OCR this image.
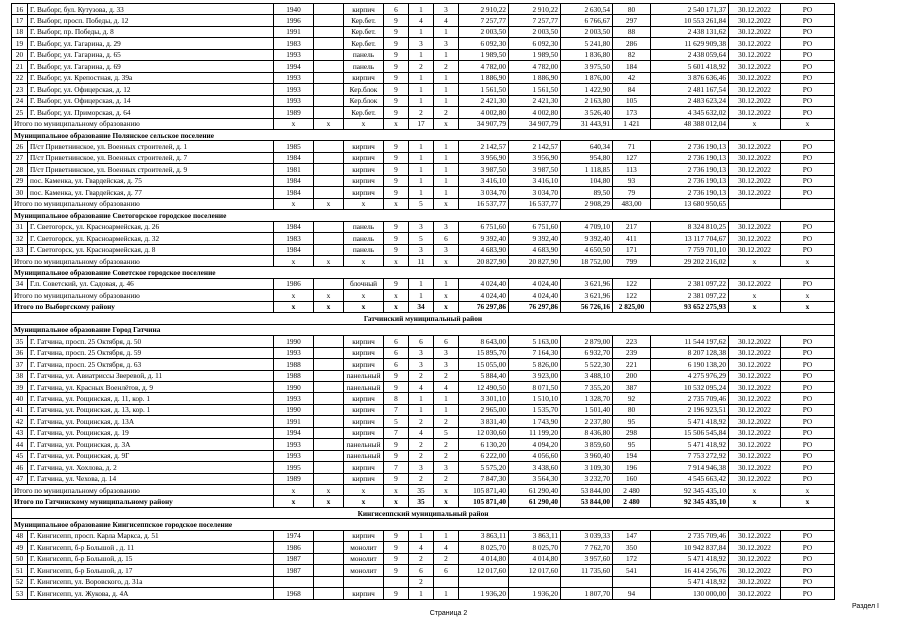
16	Г. Выборг, бул. Кутузова, д. 33	1940		кирпич	6	1	3	2 910,22	2 910,22	2 630,54	80	2 540 171,37	30.12.2022	РО
17	Г. Выборг, просп. Победы, д. 12	1996		Кер.бет.	9	4	4	7 257,77	7 257,77	6 766,67	297	10 553 261,84	30.12.2022	РО
18	Г. Выборг, пр. Победы, д. 8	1991		Кер.бет.	9	1	1	2 003,50	2 003,50	2 003,50	88	2 438 131,62	30.12.2022	РО
19	Г. Выборг, ул. Гагарина, д. 29	1983		Кер.бет.	9	3	3	6 092,30	6 092,30	5 241,80	286	11 629 909,38	30.12.2022	РО
20	Г. Выборг, ул. Гагарина, д. 65	1993		панель	9	1	1	1 989,50	1 989,50	1 836,80	82	2 438 059,64	30.12.2022	РО
21	Г. Выборг, ул. Гагарина, д. 69	1994		панель	9	2	2	4 782,00	4 782,00	3 975,50	184	5 601 418,92	30.12.2022	РО
22	Г. Выборг, ул. Крепостная, д. 39а	1993		кирпич	9	1	1	1 886,90	1 886,90	1 876,00	42	3 876 636,46	30.12.2022	РО
23	Г. Выборг, ул. Офицерская, д. 12	1993		Кер.блок	9	1	1	1 561,50	1 561,50	1 422,90	84	2 481 167,54	30.12.2022	РО
24	Г. Выборг, ул. Офицерская, д. 14	1993		Кер.блок	9	1	1	2 421,30	2 421,30	2 163,80	105	2 483 623,24	30.12.2022	РО
25	Г. Выборг, ул. Приморская, д. 64	1989		Кер.бет.	9	2	2	4 002,80	4 002,80	3 526,40	173	4 345 632,02	30.12.2022	РО
Итого по муниципальному образованию		x	x	x	x	17	x	34 907,79	34 907,79	31 443,91	1 421	48 388 012,04	x	x
Муниципальное образование Полянское сельское поселение														
26	П/ст Приветнинское, ул. Военных строителей, д. 1	1985		кирпич	9	1	1	2 142,57	2 142,57	640,34	71	2 736 190,13	30.12.2022	РО
27	П/ст Приветнинское, ул. Военных строителей, д. 7	1984		кирпич	9	1	1	3 956,90	3 956,90	954,80	127	2 736 190,13	30.12.2022	РО
28	П/ст Приветнинское, ул. Военных строителей, д. 9	1981		кирпич	9	1	1	3 987,50	3 987,50	1 118,85	113	2 736 190,13	30.12.2022	РО
29	пос. Каменка, ул. Гвардейская, д. 75	1984		кирпич	9	1	1	3 416,10	3 416,10	104,80	93	2 736 190,13	30.12.2022	РО
30	пос. Каменка, ул. Гвардейская, д. 77	1984		кирпич	9	1	1	3 034,70	3 034,70	89,50	79	2 736 190,13	30.12.2022	РО
Итого по муниципальному образованию		x	x	x	x	5	x	16 537,77	16 537,77	2 908,29	483,00	13 680 950,65		
Муниципальное образование Светогорское городское поселение														
31	Г. Светогорск, ул. Красноармейская, д. 26	1984		панель	9	3	3	6 751,60	6 751,60	4 709,10	217	8 324 810,25	30.12.2022	РО
32	Г. Светогорск, ул. Красноармейская, д. 32	1983		панель	9	5	6	9 392,40	9 392,40	9 392,40	411	13 117 704,67	30.12.2022	РО
33	Г. Светогорск, ул. Красноармейская, д. 8	1984		панель	9	3	3	4 683,90	4 683,90	4 650,50	171	7 759 701,10	30.12.2022	РО
Итого по муниципальному образованию		x	x	x	x	11	x	20 827,90	20 827,90	18 752,00	799	29 202 216,02	x	x
Муниципальное образование Советское городское поселение														
34	Г.п. Советский, ул. Садовая, д. 46	1986		блочный	9	1	1	4 024,40	4 024,40	3 621,96	122	2 381 097,22	30.12.2022	РО
Итого по муниципальному образованию		x	x	x	x	1	x	4 024,40	4 024,40	3 621,96	122	2 381 097,22	x	x
Итого по Выборгскому району		x	x	x	x	34	x	76 297,86	76 297,86	56 726,16	2 825,00	93 652 275,93	x	x
Гатчинский муниципальный район														
Муниципальное образование Город Гатчина														
35	Г. Гатчина, просп. 25 Октября, д. 50	1990		кирпич	6	6	6	8 643,00	5 163,00	2 879,00	223	11 544 197,62	30.12.2022	РО
36	Г. Гатчина, просп. 25 Октября, д. 59	1993		кирпич	6	3	3	15 895,70	7 164,30	6 932,70	239	8 207 128,38	30.12.2022	РО
37	Г. Гатчина, просп. 25 Октября, д. 63	1988		кирпич	6	3	3	15 055,00	5 826,00	5 522,30	221	6 190 138,20	30.12.2022	РО
38	Г. Гатчина, ул. Авиатриссы Зверевой, д. 11	1988		панельный	9	2	2	5 884,40	3 923,00	3 488,10	200	4 275 976,29	30.12.2022	РО
39	Г. Гатчина, ул. Красных Военлётов, д. 9	1990		панельный	9	4	4	12 490,50	8 071,50	7 355,20	387	10 532 095,24	30.12.2022	РО
40	Г. Гатчина, ул. Рощинская, д. 11, кор. 1	1993		кирпич	8	1	1	3 301,10	1 510,10	1 328,70	92	2 735 709,46	30.12.2022	РО
41	Г. Гатчина, ул. Рощинская, д. 13, кор. 1	1990		кирпич	7	1	1	2 965,00	1 535,70	1 501,40	80	2 196 923,51	30.12.2022	РО
42	Г. Гатчина, ул. Рощинская, д. 13А	1991		кирпич	5	2	2	3 831,40	1 743,90	2 237,80	95	5 471 418,92	30.12.2022	РО
43	Г. Гатчина, ул. Рощинская, д. 19	1994		кирпич	7	4	5	12 030,60	11 199,20	8 436,80	298	15 506 545,84	30.12.2022	РО
44	Г. Гатчина, ул. Рощинская, д. 3А	1993		панельный	9	2	2	6 130,20	4 094,20	3 859,60	95	5 471 418,92	30.12.2022	РО
45	Г. Гатчина, ул. Рощинская, д. 9Г	1993		панельный	9	2	2	6 222,00	4 056,60	3 960,40	194	7 753 272,92	30.12.2022	РО
46	Г. Гатчина, ул. Хохлова, д. 2	1995		кирпич	7	3	3	5 575,20	3 438,60	3 109,30	196	7 914 946,38	30.12.2022	РО
47	Г. Гатчина, ул. Чехова, д. 14	1989		кирпич	9	2	2	7 847,30	3 564,30	3 232,70	160	4 545 663,42	30.12.2022	РО
Итого по муниципальному образованию		x	x	x	x	35	x	105 871,40	61 290,40	53 844,00	2 480	92 345 435,10	x	x
Итого по Гатчинскому муниципальному району		x	x	x	x	35	x	105 871,40	61 290,40	53 844,00	2 480	92 345 435,10	x	x
Кингисеппский муниципальный район														
Муниципальное образование Кингисеппское городское поселение														
48	Г. Кингисепп, просп. Карла Маркса, д. 51	1974		кирпич	9	1	1	3 863,11	3 863,11	3 039,33	147	2 735 709,46	30.12.2022	РО
49	Г. Кингисепп, б-р Большой , д. 11	1986		монолит	9	4	4	8 025,70	8 025,70	7 762,70	350	10 942 837,84	30.12.2022	РО
50	Г. Кингисепп, б-р Большой, д. 15	1987		монолит	9	2	2	4 014,80	4 014,80	3 957,60	172	5 471 418,92	30.12.2022	РО
51	Г. Кингисепп, б-р Большой, д. 17	1987		монолит	9	6	6	12 017,60	12 017,60	11 735,60	541	16 414 256,76	30.12.2022	РО
52	Г. Кингисепп, ул. Воровского, д. 31а					2						5 471 418,92	30.12.2022	РО
53	Г. Кингисепп, ул. Жукова, д. 4А	1968		кирпич	9	1	1	1 936,20	1 936,20	1 807,70	94	130 000,00	30.12.2022	РО
Страница 2
Раздел I
